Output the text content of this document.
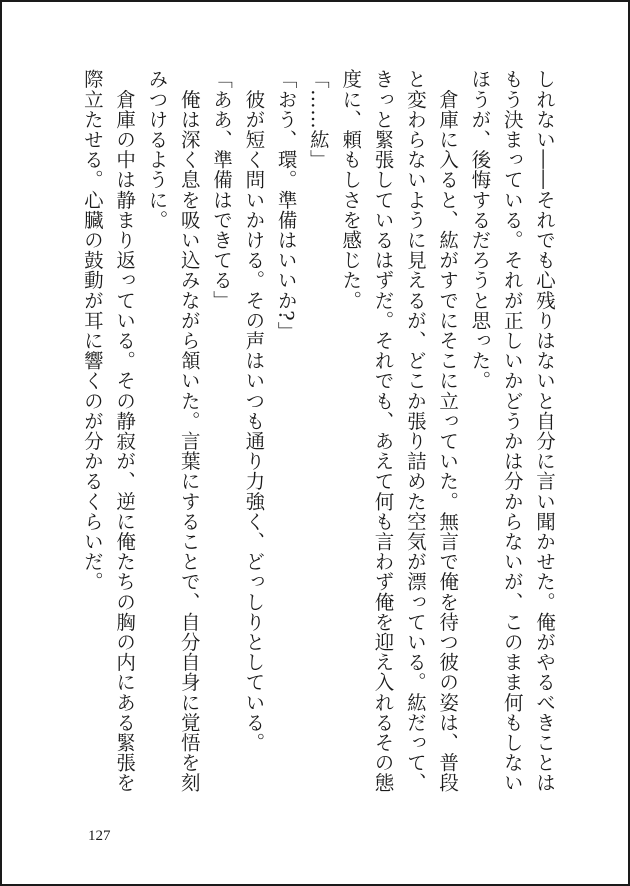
しれない――それでも心残りはないと自分に言い聞かせた。俺がやるべきことは
もう決まっている。それが正しいかどうかは分からないが、このまま何もしない
ほうが、後悔するだろうと思った。
　倉庫に入ると、紘がすでにそこに立っていた。無言で俺を待つ彼の姿は、普段
と変わらないように見えるが、どこか張り詰めた空気が漂っている。紘だって、
きっと緊張しているはずだ。それでも、あえて何も言わず俺を迎え入れるその態
度に、頼もしさを感じた。
「……紘」
「おう、環。準備はいいか?」
　彼が短く問いかける。その声はいつも通り力強く、どっしりとしている。
「ああ、準備はできてる」
　俺は深く息を吸い込みながら頷いた。言葉にすることで、自分自身に覚悟を刻
みつけるように。
　倉庫の中は静まり返っている。その静寂が、逆に俺たちの胸の内にある緊張を
際立たせる。心臓の鼓動が耳に響くのが分かるくらいだ。
127
